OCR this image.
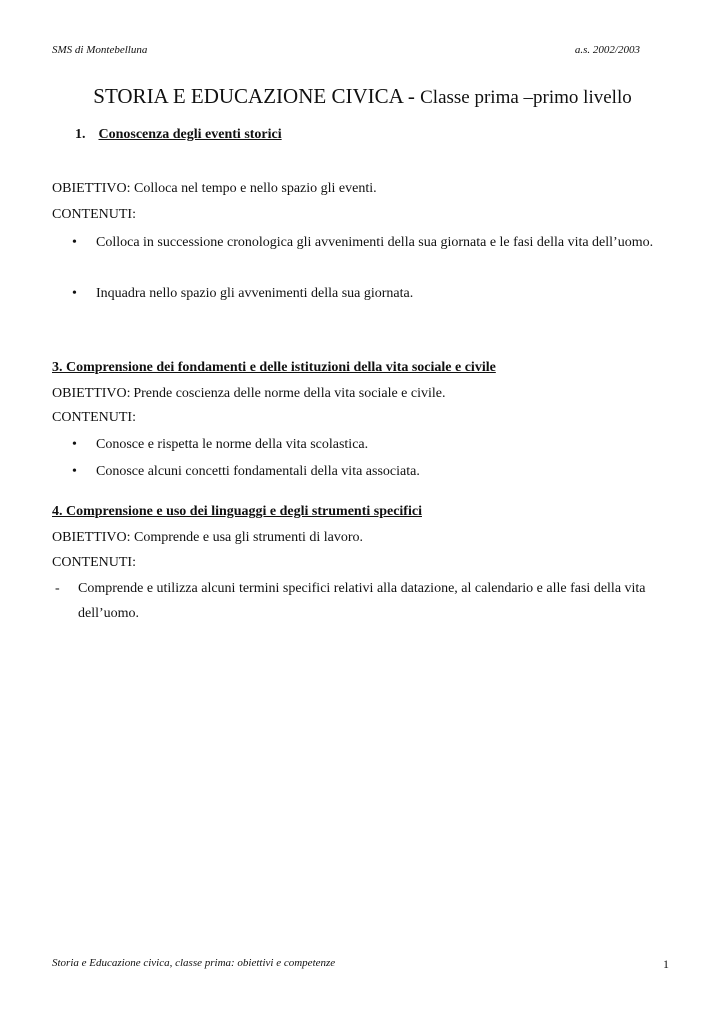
SMS di Montebelluna	a.s. 2002/2003
STORIA E EDUCAZIONE CIVICA - Classe prima –primo livello
1. Conoscenza degli eventi storici
OBIETTIVO: Colloca nel tempo e nello spazio gli eventi.
CONTENUTI:
• Colloca in successione cronologica gli avvenimenti della sua giornata e le fasi della vita dell’uomo.
• Inquadra nello spazio gli avvenimenti della sua giornata.
3. Comprensione dei fondamenti e delle istituzioni della vita sociale e civile
OBIETTIVO: Prende coscienza delle norme della vita sociale e civile.
CONTENUTI:
• Conosce e rispetta le norme della vita scolastica.
• Conosce alcuni concetti fondamentali della vita associata.
4. Comprensione e uso dei linguaggi e degli strumenti specifici
OBIETTIVO: Comprende e usa gli strumenti di lavoro.
CONTENUTI:
- Comprende e utilizza alcuni termini specifici relativi alla datazione, al calendario e alle fasi della vita dell’uomo.
Storia e Educazione civica, classe prima: obiettivi e competenze	1
